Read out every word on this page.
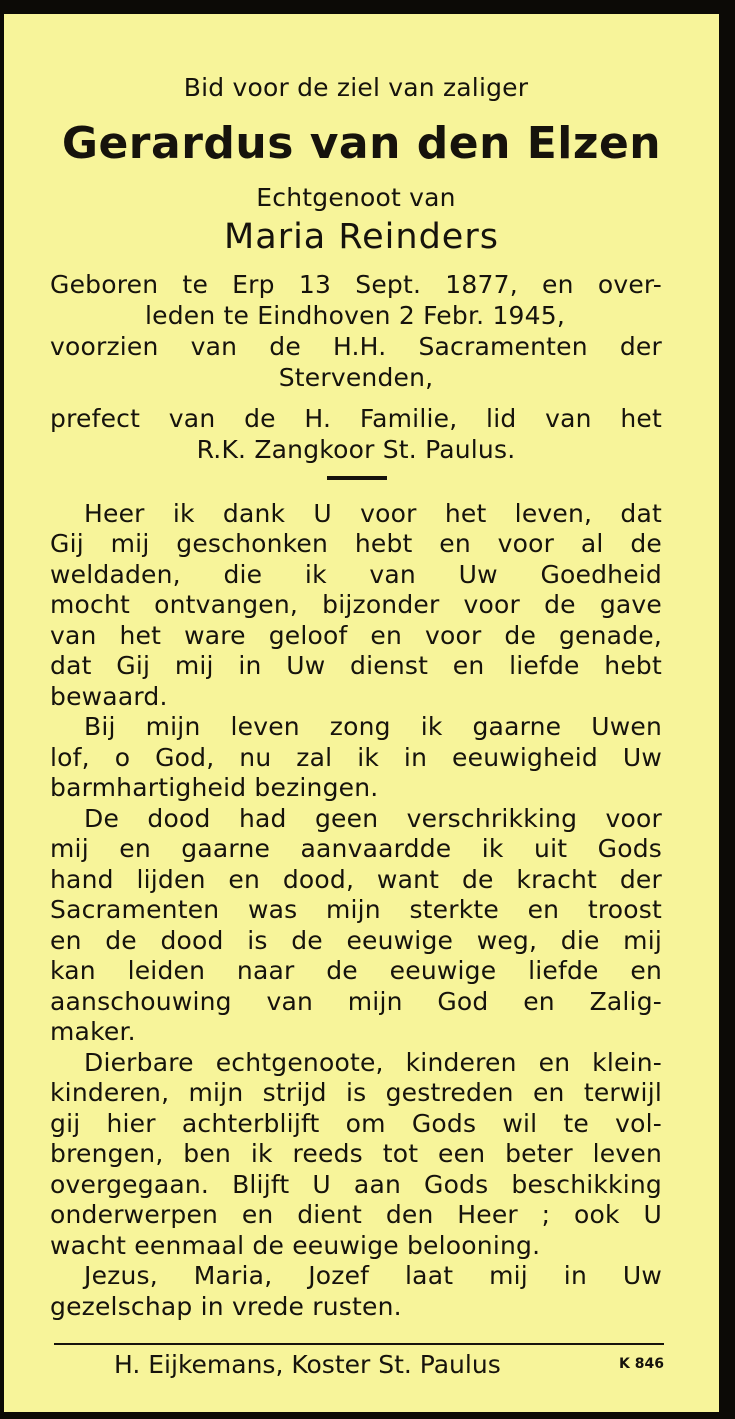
Bid voor de ziel van zaliger
Gerardus van den Elzen
Echtgenoot van
Maria Reinders
Geboren te Erp 13 Sept. 1877, en over-
leden te Eindhoven 2 Febr. 1945,
voorzien van de H.H. Sacramenten der
Stervenden,
prefect van de H. Familie, lid van het
R.K. Zangkoor St. Paulus.
Heer ik dank U voor het leven, dat
Gij mij geschonken hebt en voor al de
weldaden, die ik van Uw Goedheid
mocht ontvangen, bijzonder voor de gave
van het ware geloof en voor de genade,
dat Gij mij in Uw dienst en liefde hebt
bewaard.
Bij mijn leven zong ik gaarne Uwen
lof, o God, nu zal ik in eeuwigheid Uw
barmhartigheid bezingen.
De dood had geen verschrikking voor
mij en gaarne aanvaardde ik uit Gods
hand lijden en dood, want de kracht der
Sacramenten was mijn sterkte en troost
en de dood is de eeuwige weg, die mij
kan leiden naar de eeuwige liefde en
aanschouwing van mijn God en Zalig-
maker.
Dierbare echtgenoote, kinderen en klein-
kinderen, mijn strijd is gestreden en terwijl
gij hier achterblijft om Gods wil te vol-
brengen, ben ik reeds tot een beter leven
overgegaan. Blijft U aan Gods beschikking
onderwerpen en dient den Heer ; ook U
wacht eenmaal de eeuwige belooning.
Jezus, Maria, Jozef laat mij in Uw
gezelschap in vrede rusten.
H. Eijkemans, Koster St. Paulus	K 846
